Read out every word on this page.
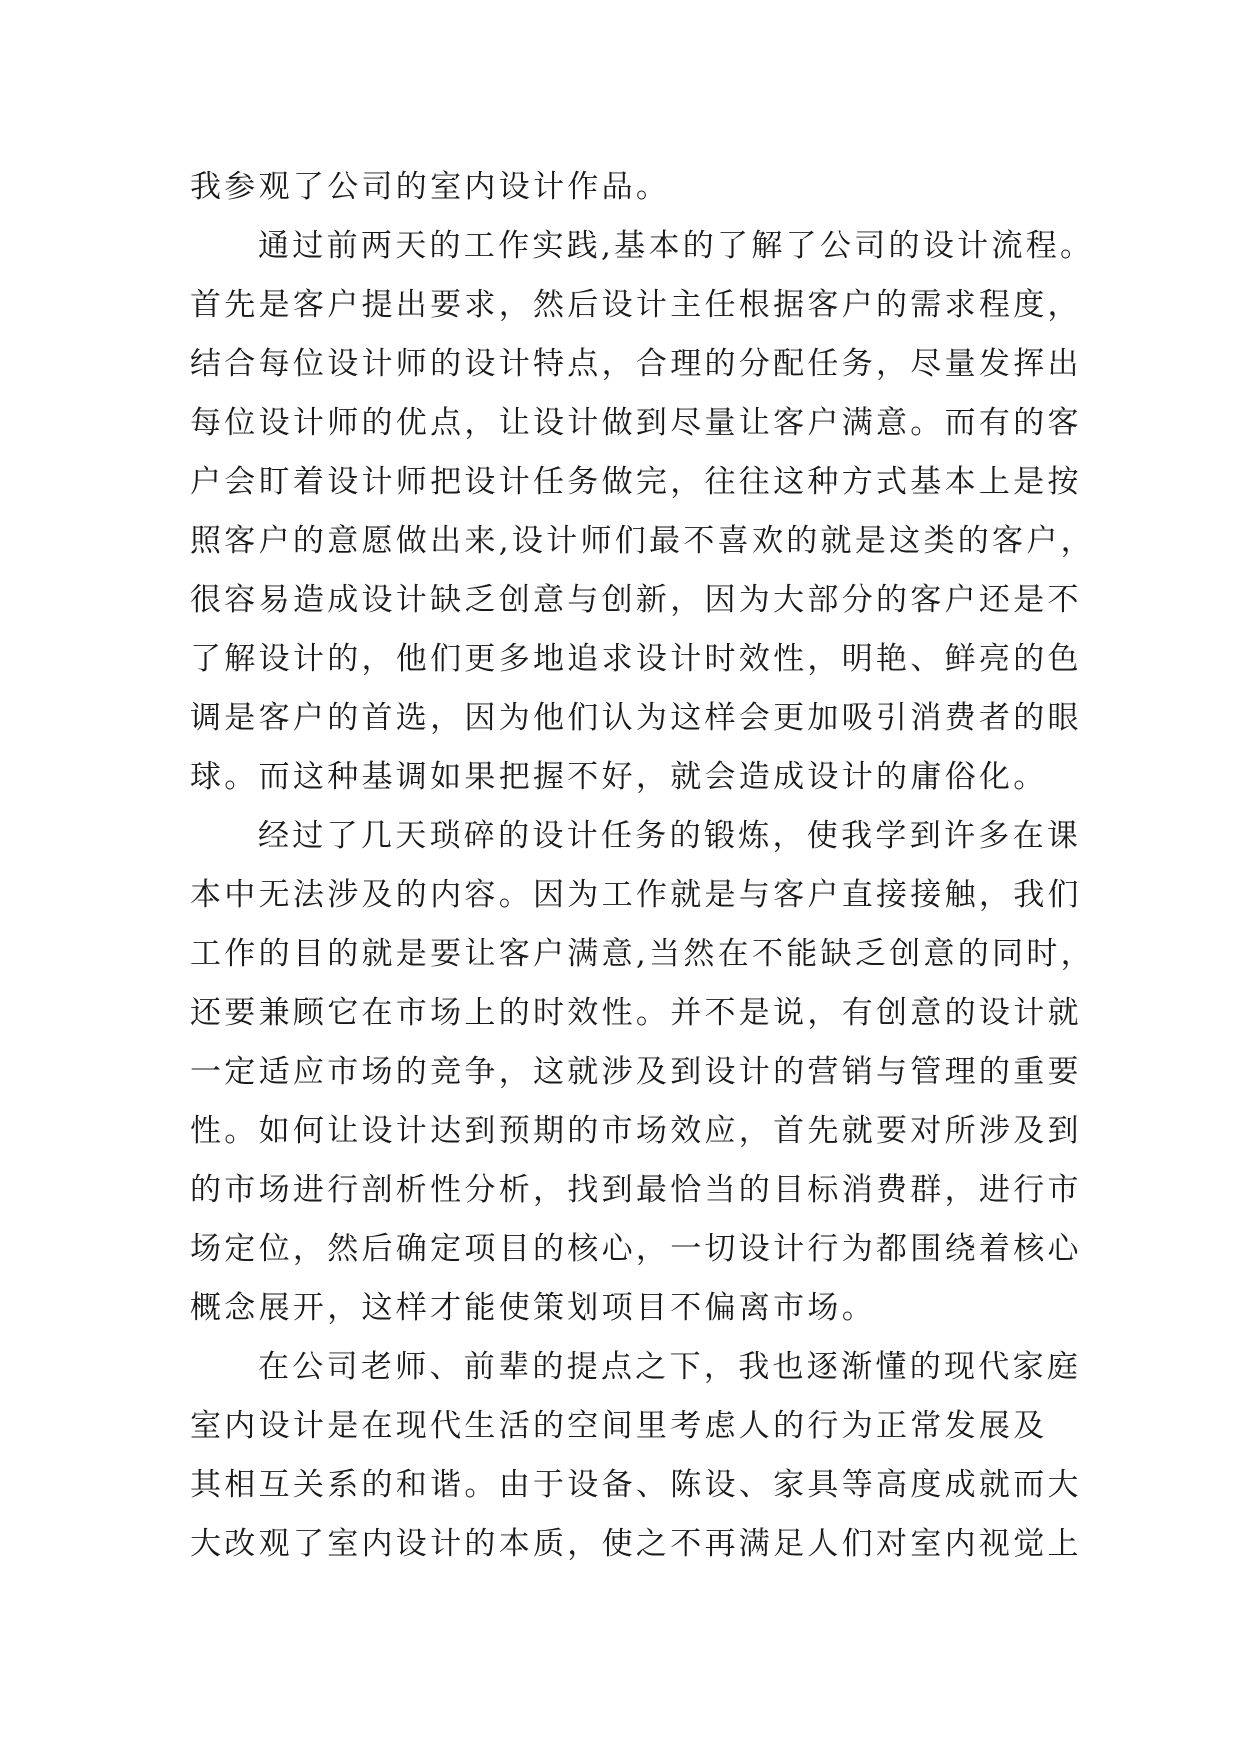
我参观了公司的室内设计作品。
通过前两天的工作实践,基本的了解了公司的设计流程。
首先是客户提出要求，然后设计主任根据客户的需求程度，
结合每位设计师的设计特点，合理的分配任务，尽量发挥出
每位设计师的优点，让设计做到尽量让客户满意。而有的客
户会盯着设计师把设计任务做完，往往这种方式基本上是按
照客户的意愿做出来,设计师们最不喜欢的就是这类的客户，
很容易造成设计缺乏创意与创新，因为大部分的客户还是不
了解设计的，他们更多地追求设计时效性，明艳、鲜亮的色
调是客户的首选，因为他们认为这样会更加吸引消费者的眼
球。而这种基调如果把握不好，就会造成设计的庸俗化。
经过了几天琐碎的设计任务的锻炼，使我学到许多在课
本中无法涉及的内容。因为工作就是与客户直接接触，我们
工作的目的就是要让客户满意,当然在不能缺乏创意的同时，
还要兼顾它在市场上的时效性。并不是说，有创意的设计就
一定适应市场的竞争，这就涉及到设计的营销与管理的重要
性。如何让设计达到预期的市场效应，首先就要对所涉及到
的市场进行剖析性分析，找到最恰当的目标消费群，进行市
场定位，然后确定项目的核心，一切设计行为都围绕着核心
概念展开，这样才能使策划项目不偏离市场。
在公司老师、前辈的提点之下，我也逐渐懂的现代家庭
室内设计是在现代生活的空间里考虑人的行为正常发展及
其相互关系的和谐。由于设备、陈设、家具等高度成就而大
大改观了室内设计的本质，使之不再满足人们对室内视觉上
